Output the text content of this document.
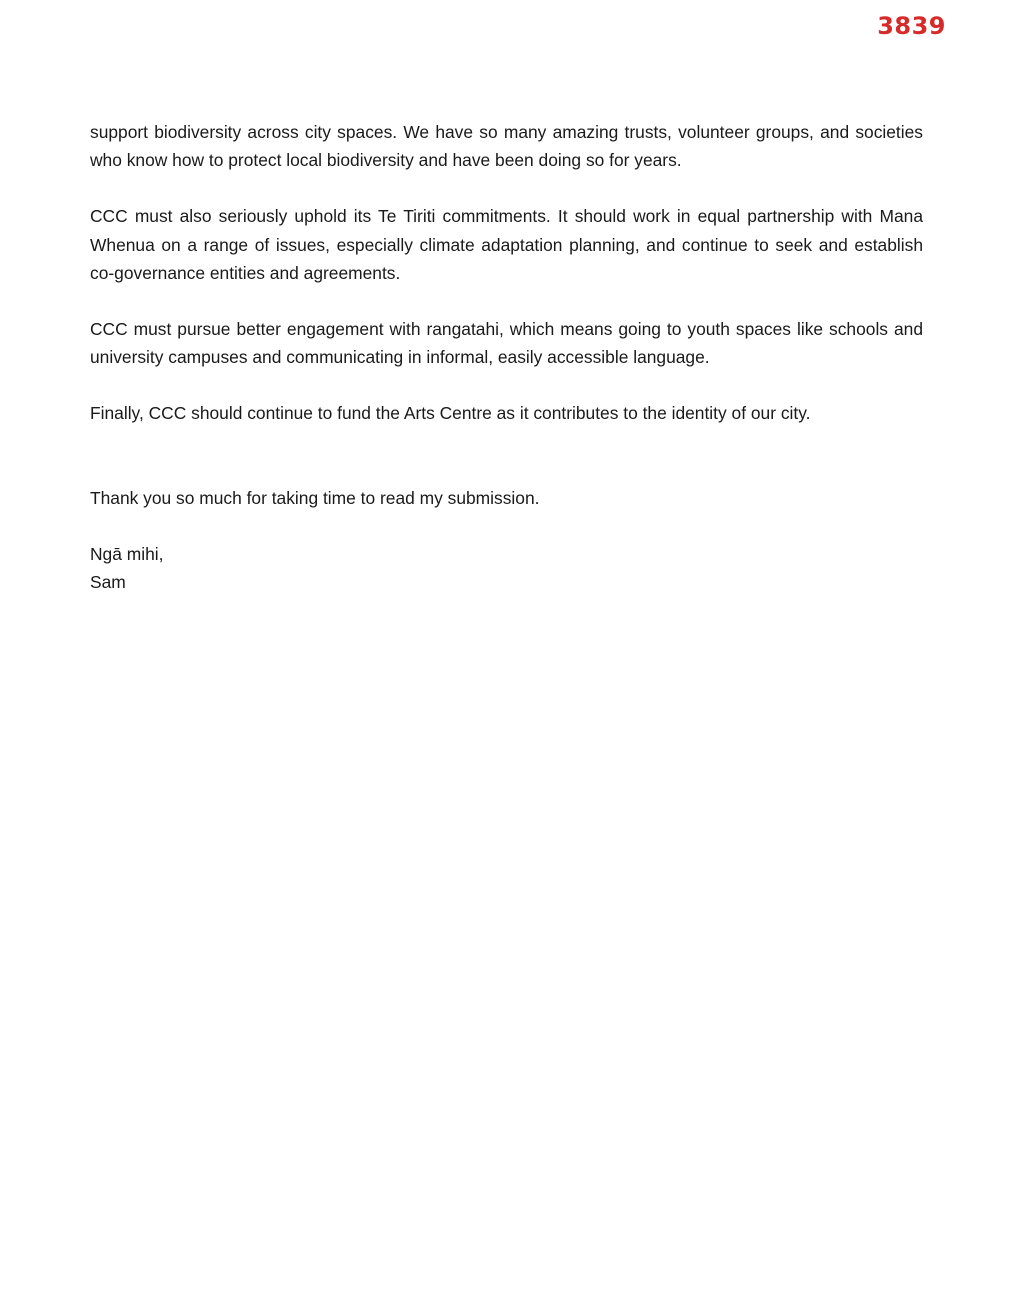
3839

support biodiversity across city spaces. We have so many amazing trusts, volunteer groups, and societies who know how to protect local biodiversity and have been doing so for years.

CCC must also seriously uphold its Te Tiriti commitments. It should work in equal partnership with Mana Whenua on a range of issues, especially climate adaptation planning, and continue to seek and establish co-governance entities and agreements.

CCC must pursue better engagement with rangatahi, which means going to youth spaces like schools and university campuses and communicating in informal, easily accessible language.

Finally, CCC should continue to fund the Arts Centre as it contributes to the identity of our city.

Thank you so much for taking time to read my submission.

Ngā mihi,

Sam
